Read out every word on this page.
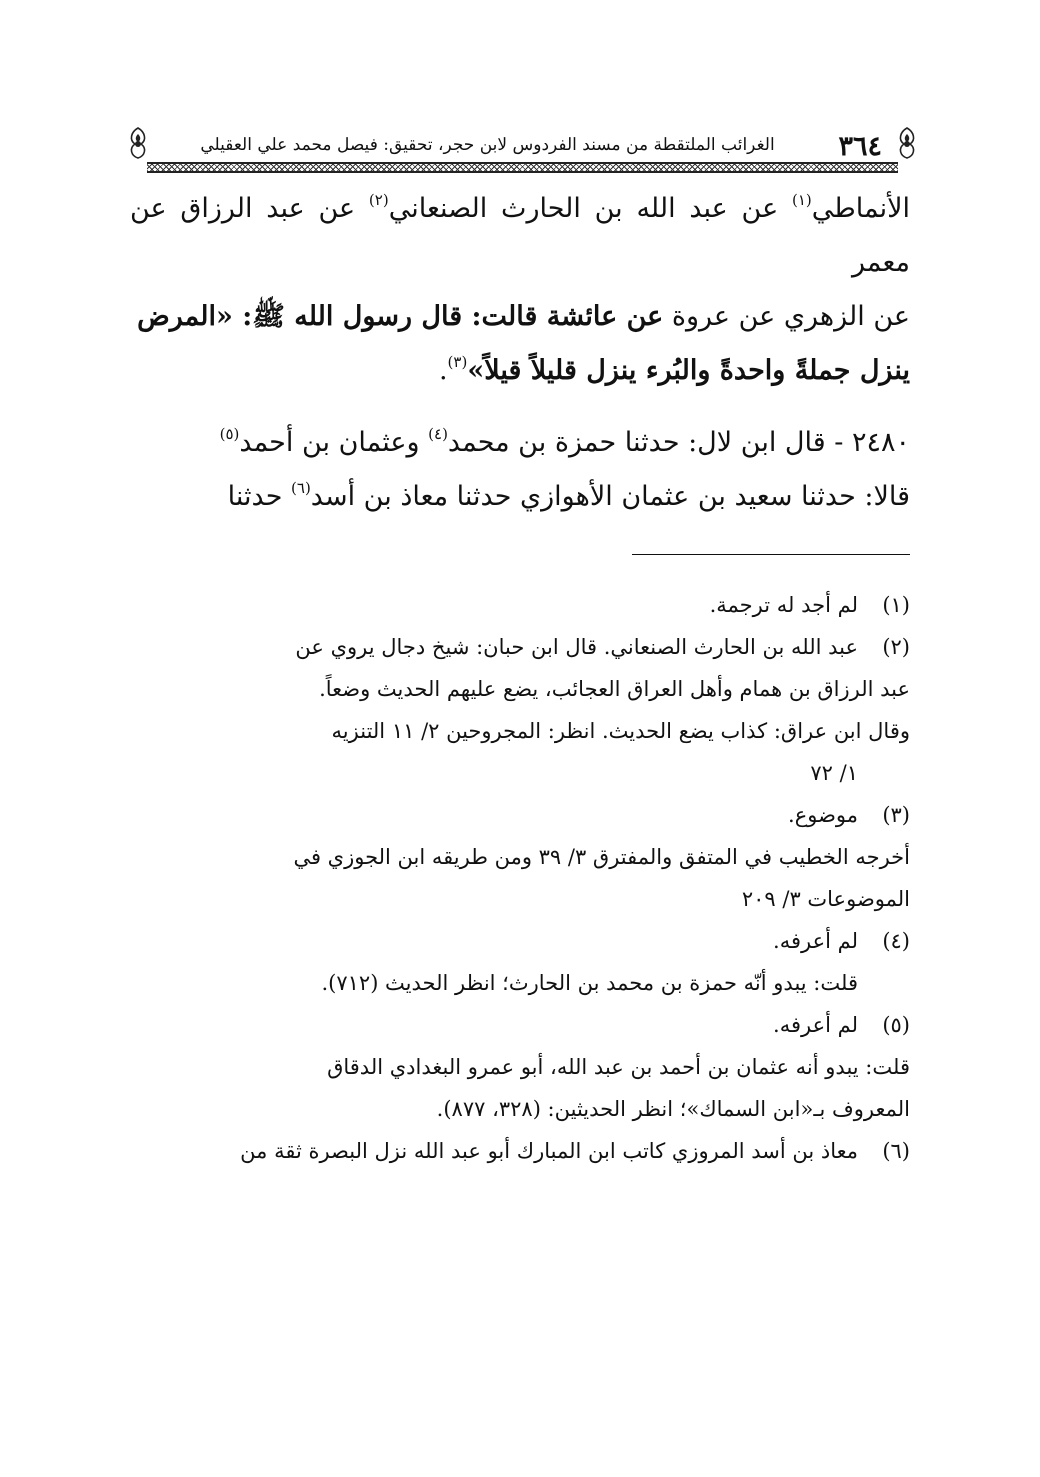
٣٦٤
الغرائب الملتقطة من مسند الفردوس لابن حجر، تحقيق: فيصل محمد علي العقيلي

الأنماطي$^{(١)}$ عن عبد الله بن الحارث الصنعاني$^{(٢)}$ عن عبد الرزاق عن معمر

عن الزهري عن عروة عن عائشة قالت: قال رسول الله ﷺ: «المرض

ينزل جملةً واحدةً والبُرء ينزل قليلاً قيلاً»$^{(٣)}$.

٢٤٨٠ - قال ابن لال: حدثنا حمزة بن محمد$^{(٤)}$ وعثمان بن أحمد$^{(٥)}$

قالا: حدثنا سعيد بن عثمان الأهوازي حدثنا معاذ بن أسد$^{(٦)}$ حدثنا

(١)
لم أجد له ترجمة.
(٢)
عبد الله بن الحارث الصنعاني. قال ابن حبان: شيخ دجال يروي عن
عبد الرزاق بن همام وأهل العراق العجائب، يضع عليهم الحديث وضعاً.
وقال ابن عراق: كذاب يضع الحديث. انظر: المجروحين ٢/ ١١ التنزيه
١/ ٧٢
(٣)
موضوع.
أخرجه الخطيب في المتفق والمفترق ٣/ ٣٩ ومن طريقه ابن الجوزي في
الموضوعات ٣/ ٢٠٩
(٤)
لم أعرفه.
قلت: يبدو أنّه حمزة بن محمد بن الحارث؛ انظر الحديث (٧١٢).
(٥)
لم أعرفه.
قلت: يبدو أنه عثمان بن أحمد بن عبد الله، أبو عمرو البغدادي الدقاق
المعروف بـ«ابن السماك»؛ انظر الحديثين: (٣٢٨، ٨٧٧).
(٦)
معاذ بن أسد المروزي كاتب ابن المبارك أبو عبد الله نزل البصرة ثقة من
